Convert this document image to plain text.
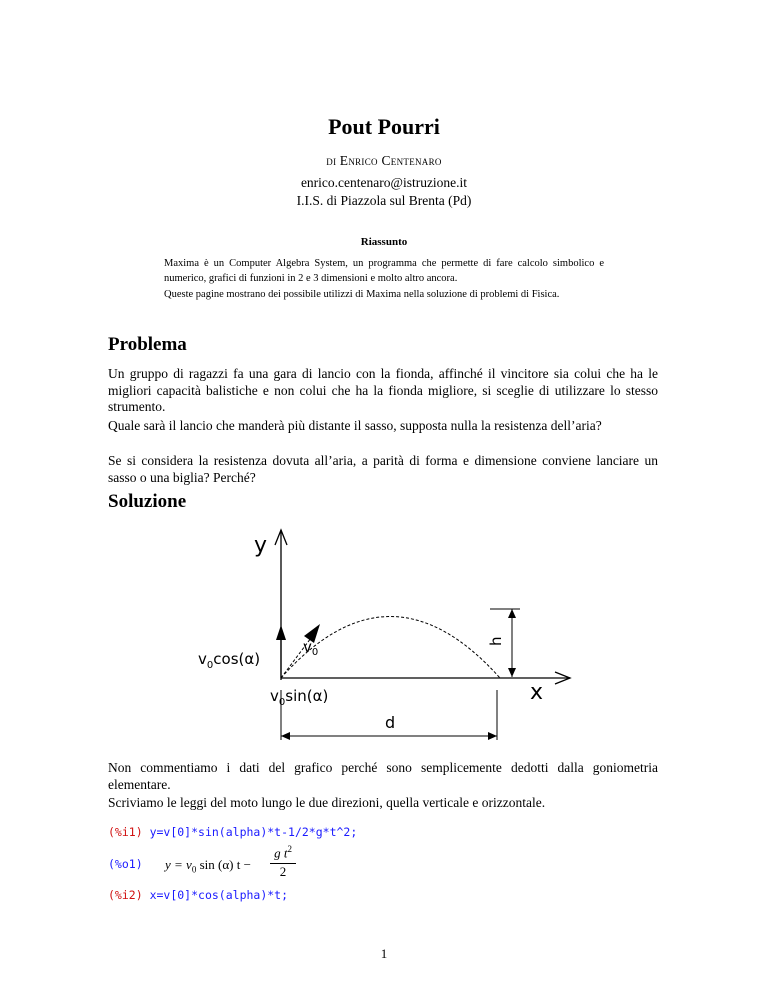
Pout Pourri
di Enrico Centenaro
enrico.centenaro@istruzione.it
I.I.S. di Piazzola sul Brenta (Pd)
Riassunto
Maxima è un Computer Algebra System, un programma che permette di fare calcolo simbolico e numerico, grafici di funzioni in 2 e 3 dimensioni e molto altro ancora.
Queste pagine mostrano dei possibile utilizzi di Maxima nella soluzione di problemi di Fisica.
Problema
Un gruppo di ragazzi fa una gara di lancio con la fionda, affinché il vincitore sia colui che ha le migliori capacità balistiche e non colui che ha la fionda migliore, si sceglie di utilizzare lo stesso strumento.
Quale sarà il lancio che manderà più distante il sasso, supposta nulla la resistenza dell’aria?
Se si considera la resistenza dovuta all’aria, a parità di forma e dimensione conviene lanciare un sasso o una biglia? Perché?
Soluzione
y
x
h
d
$v_0$
$v_0\cos(\alpha)$
$v_0\sin(\alpha)$
Non commentiamo i dati del grafico perché sono semplicemente dedotti dalla goniometria elementare.
Scriviamo le leggi del moto lungo le due direzioni, quella verticale e orizzontale.
(%i1) y=v[0]*sin(alpha)*t-1/2*g*t^2;
(%o1) $y = v_0$ sin (α) t −
g $t^2$
2
(%i2) x=v[0]*cos(alpha)*t;
1
